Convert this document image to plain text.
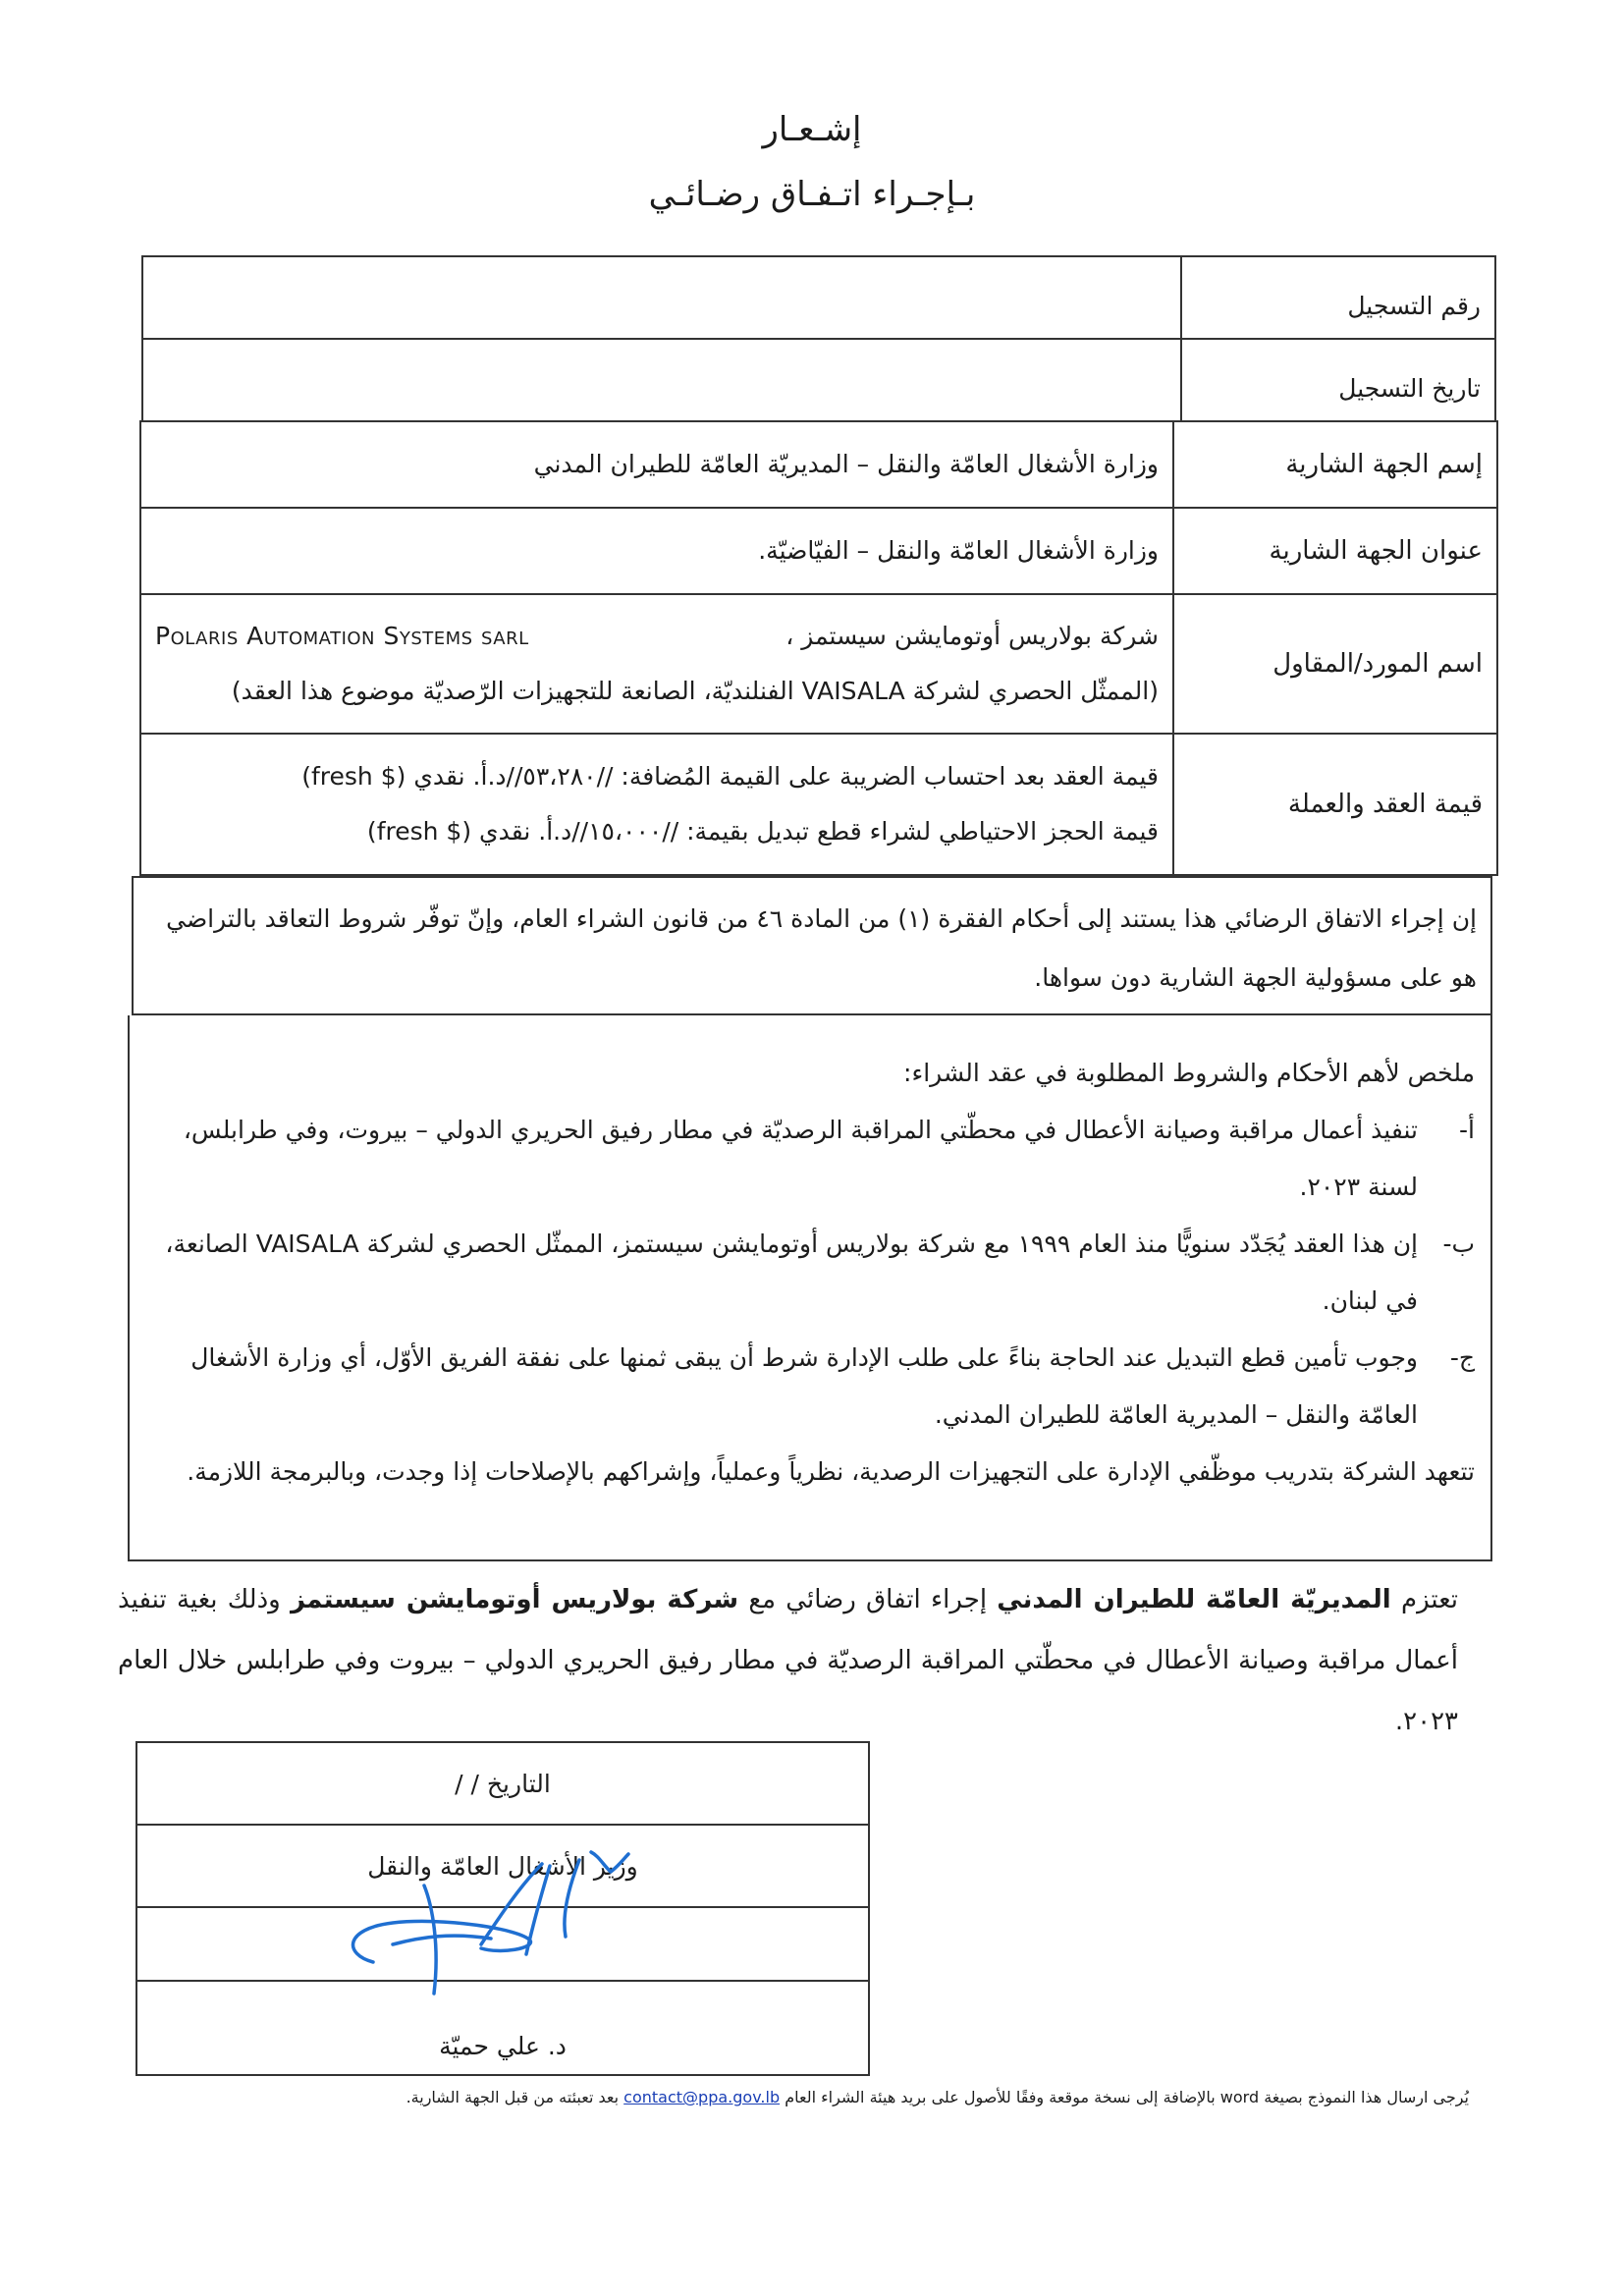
إشـعـار
بـإجـراء اتـفـاق رضـائـي
رقم التسجيل	
تاريخ التسجيل	
إسم الجهة الشارية	وزارة الأشغال العامّة والنقل – المديريّة العامّة للطيران المدني
عنوان الجهة الشارية	وزارة الأشغال العامّة والنقل – الفيّاضيّة.
اسم المورد/المقاول	شركة بولاريس أوتومايشن سيستمز ،
Polaris Automation Systems sarl
(الممثّل الحصري لشركة VAISALA الفنلنديّة، الصانعة للتجهيزات الرّصديّة موضوع هذا العقد)

قيمة العقد والعملة	قيمة العقد بعد احتساب الضريبة على القيمة المُضافة: //٥٣،٢٨٠//د.أ. نقدي ($ fresh)
قيمة الحجز الاحتياطي لشراء قطع تبديل بقيمة: //١٥،٠٠٠//د.أ. نقدي ($ fresh)
إن إجراء الاتفاق الرضائي هذا يستند إلى أحكام الفقرة (١) من المادة ٤٦ من قانون الشراء العام، وإنّ توفّر شروط التعاقد بالتراضي هو على مسؤولية الجهة الشارية دون سواها.
ملخص لأهم الأحكام والشروط المطلوبة في عقد الشراء:
أ-
تنفيذ أعمال مراقبة وصيانة الأعطال في محطّتي المراقبة الرصديّة في مطار رفيق الحريري الدولي – بيروت، وفي طرابلس، لسنة ٢٠٢٣.
ب-
إن هذا العقد يُجَدّد سنويًّا منذ العام ١٩٩٩ مع شركة بولاريس أوتومايشن سيستمز، الممثّل الحصري لشركة VAISALA الصانعة، في لبنان.
ج-
وجوب تأمين قطع التبديل عند الحاجة بناءً على طلب الإدارة شرط أن يبقى ثمنها على نفقة الفريق الأوّل، أي وزارة الأشغال العامّة والنقل – المديرية العامّة للطيران المدني.
تتعهد الشركة بتدريب موظّفي الإدارة على التجهيزات الرصدية، نظرياً وعملياً، وإشراكهم بالإصلاحات إذا وجدت، وبالبرمجة اللازمة.
تعتزم المديريّة العامّة للطيران المدني إجراء اتفاق رضائي مع شركة بولاريس أوتومايشن سيستمز وذلك بغية تنفيذ أعمال مراقبة وصيانة الأعطال في محطّتي المراقبة الرصديّة في مطار رفيق الحريري الدولي – بيروت وفي طرابلس خلال العام ٢٠٢٣.
التاريخ / /
وزير الأشغال العامّة والنقل

د. علي حميّة
يُرجى ارسال هذا النموذج بصيغة word بالإضافة إلى نسخة موقعة وفقًا للأصول على بريد هيئة الشراء العام contact@ppa.gov.lb بعد تعبئته من قبل الجهة الشارية.
